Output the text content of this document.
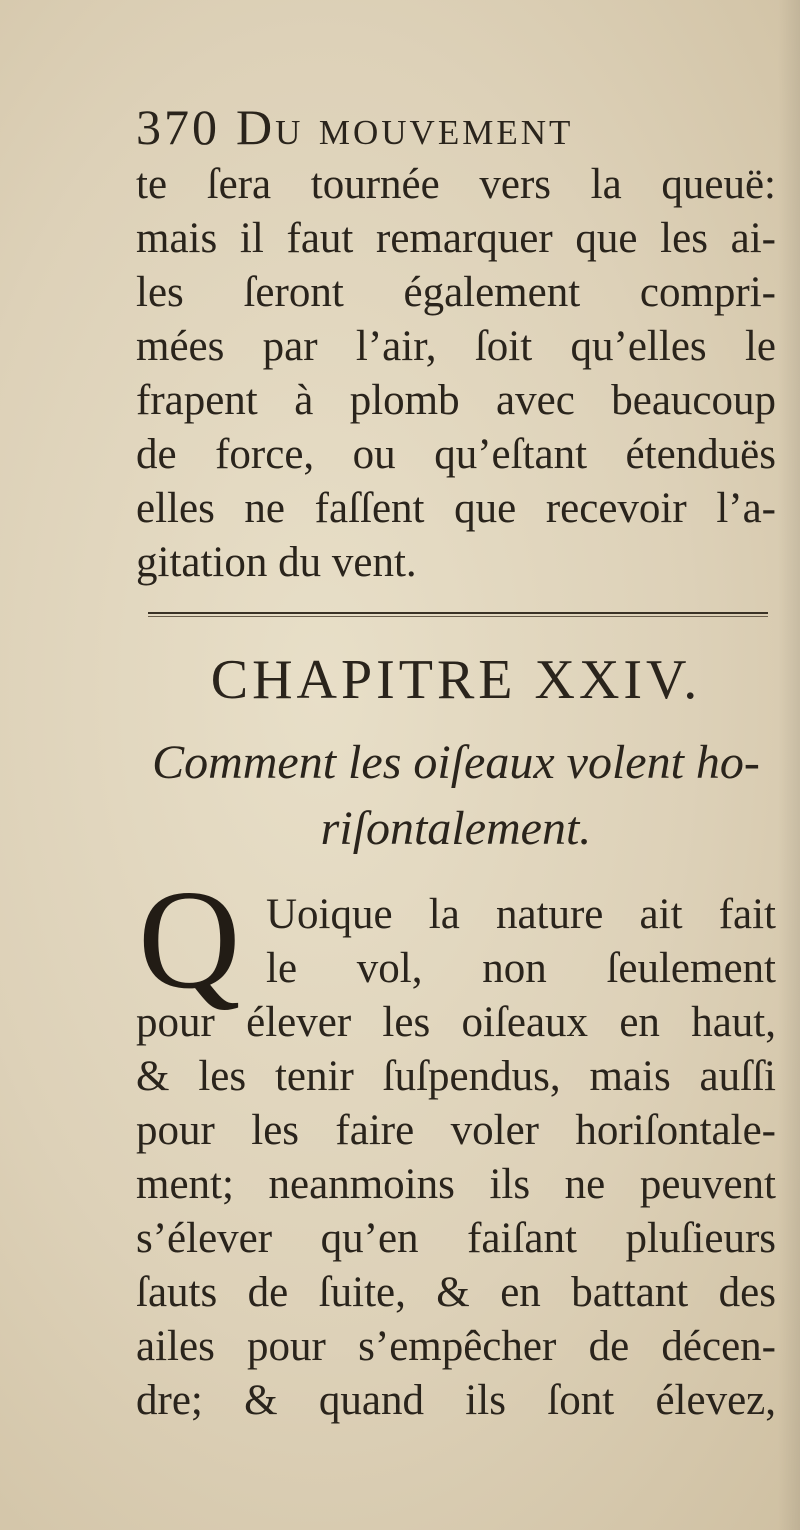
370 Du mouvement
te ſera tournée vers la queuë:
mais il faut remarquer que les ai-
les ſeront également compri-
mées par l’air, ſoit qu’elles le
frapent à plomb avec beaucoup
de force, ou qu’eſtant étenduës
elles ne faſſent que recevoir l’a-
gitation du vent.
CHAPITRE XXIV.
Comment les oiſeaux volent ho-
riſontalement.
Q Uoique la nature ait fait
le vol, non ſeulement
pour élever les oiſeaux en haut,
& les tenir ſuſpendus, mais auſſi
pour les faire voler horiſontale-
ment; neanmoins ils ne peuvent
s’élever qu’en faiſant pluſieurs
ſauts de ſuite, & en battant des
ailes pour s’empêcher de décen-
dre; & quand ils ſont élevez,
